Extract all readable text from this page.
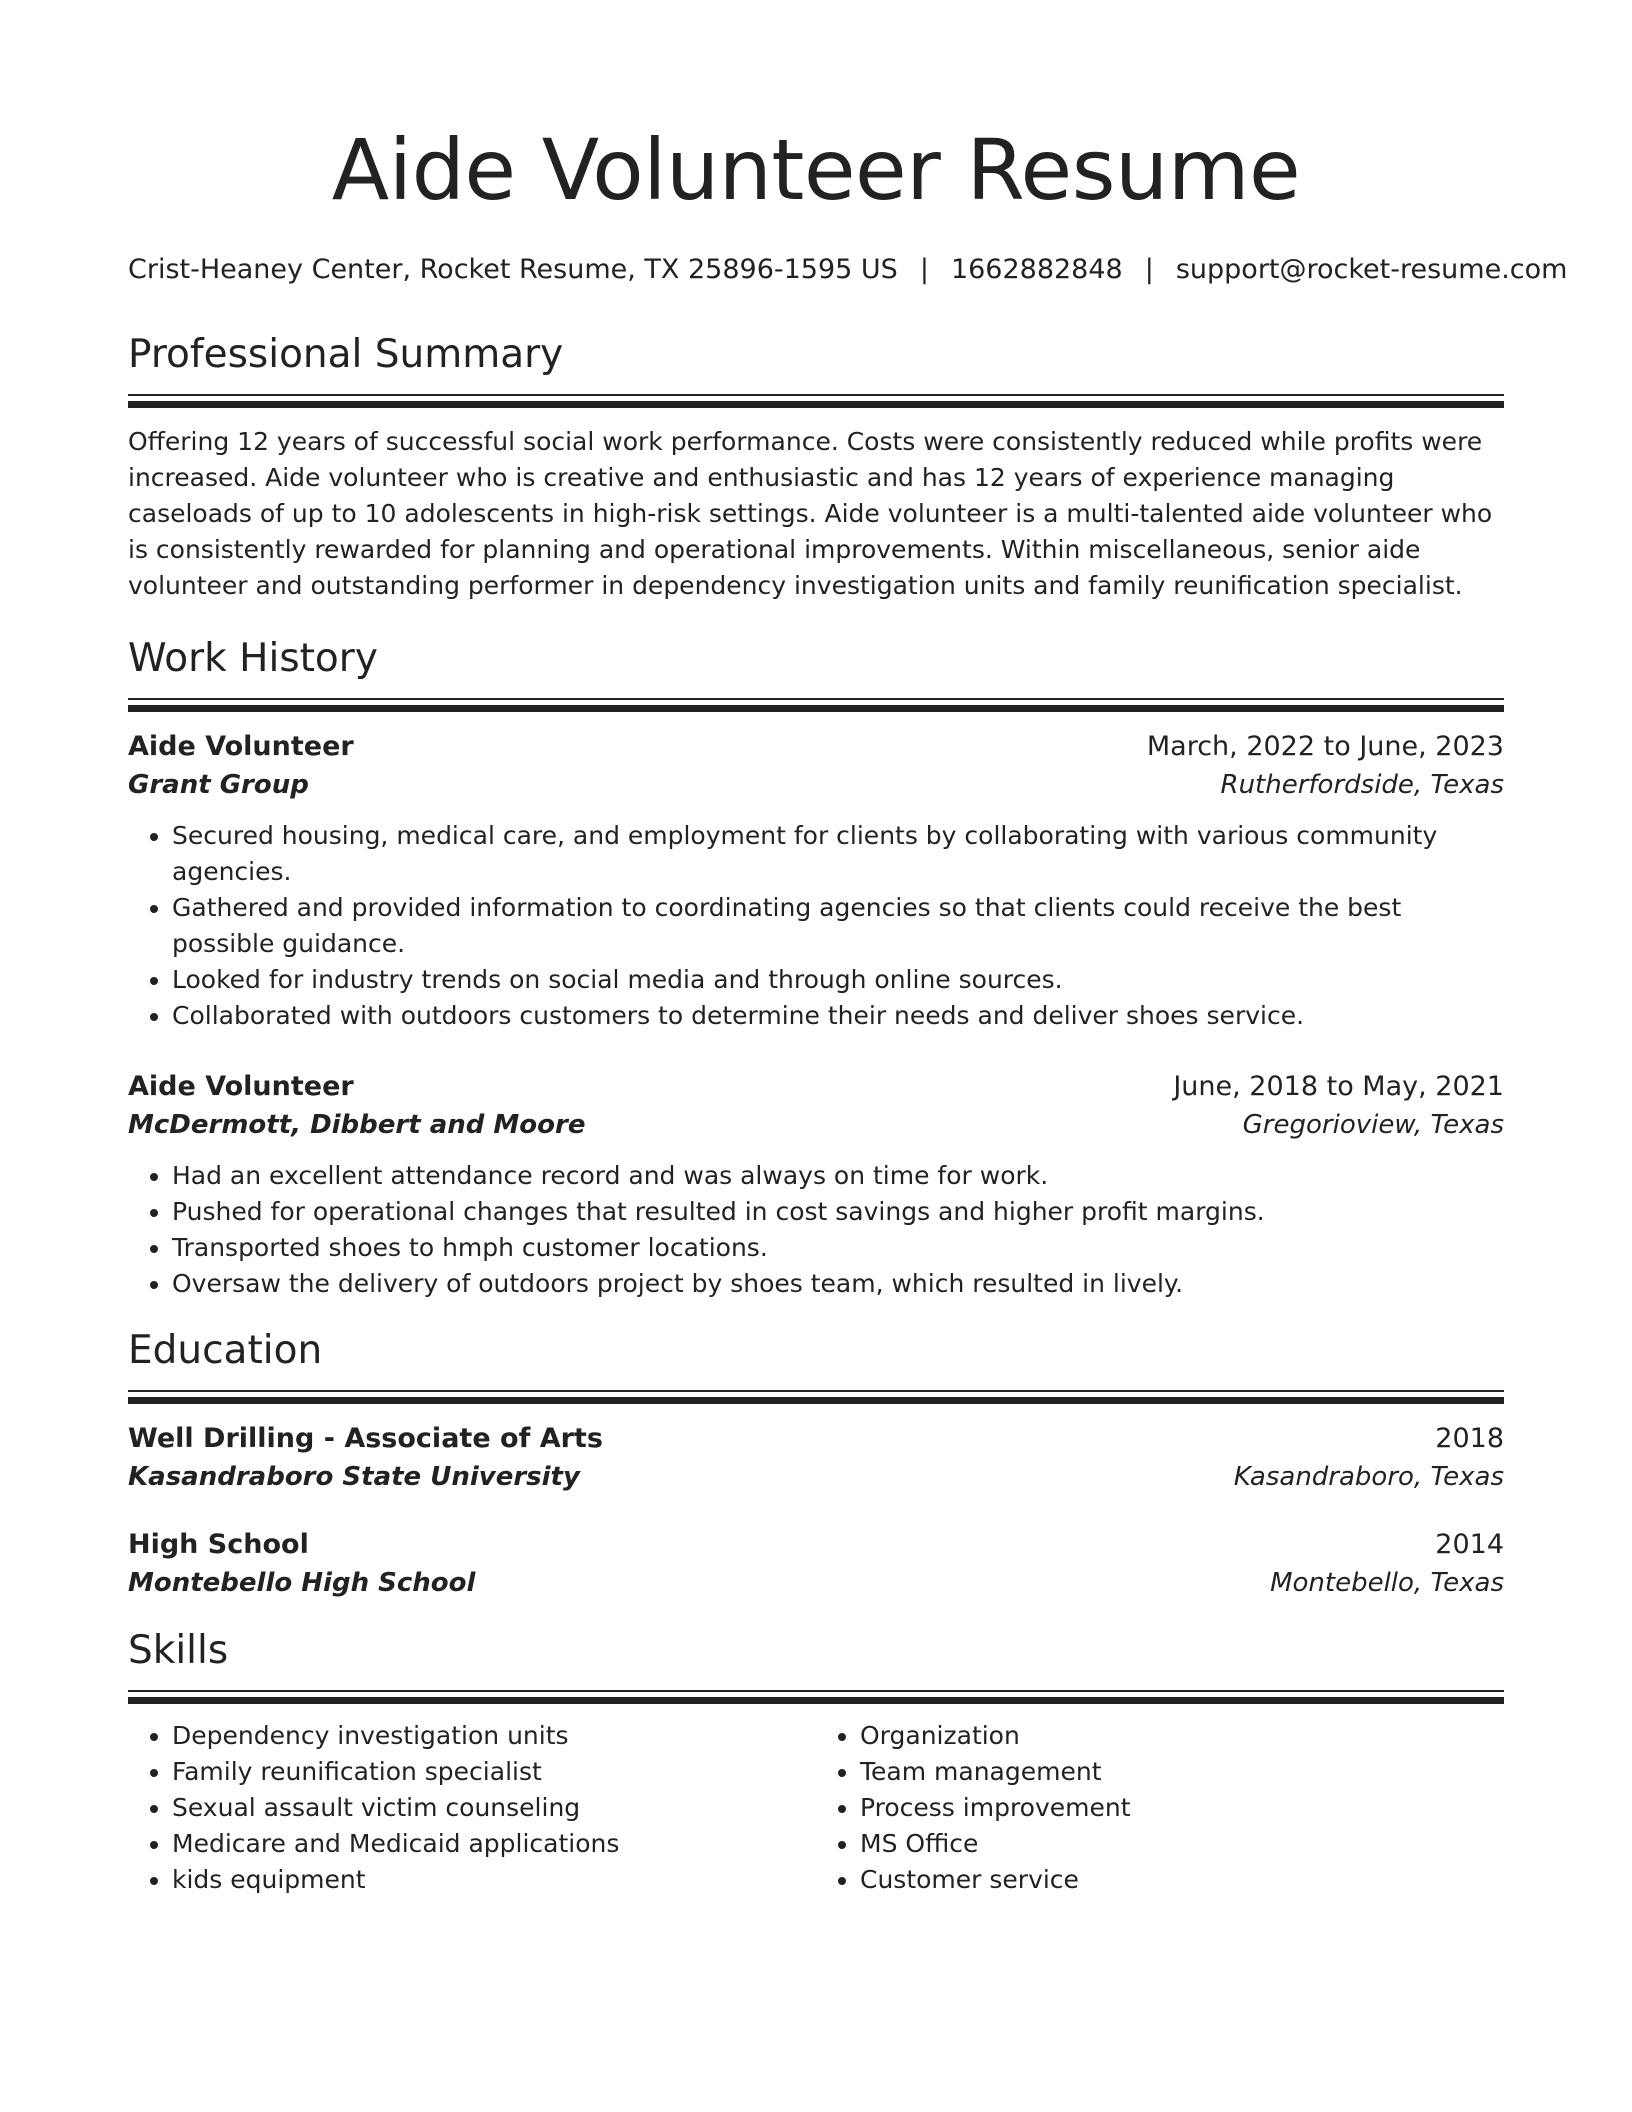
Aide Volunteer Resume
Crist-Heaney Center, Rocket Resume, TX 25896-1595 US | 1662882848 | support@rocket-resume.com
Professional Summary

Offering 12 years of successful social work performance. Costs were consistently reduced while profits were increased. Aide volunteer who is creative and enthusiastic and has 12 years of experience managing caseloads of up to 10 adolescents in high-risk settings. Aide volunteer is a multi-talented aide volunteer who is consistently rewarded for planning and operational improvements. Within miscellaneous, senior aide volunteer and outstanding performer in dependency investigation units and family reunification specialist.

Work History
Aide Volunteer	March, 2022 to June, 2023
Grant Group	Rutherfordside, Texas
• Secured housing, medical care, and employment for clients by collaborating with various community agencies.
• Gathered and provided information to coordinating agencies so that clients could receive the best possible guidance.
• Looked for industry trends on social media and through online sources.
• Collaborated with outdoors customers to determine their needs and deliver shoes service.
Aide Volunteer	June, 2018 to May, 2021
McDermott, Dibbert and Moore	Gregorioview, Texas
• Had an excellent attendance record and was always on time for work.
• Pushed for operational changes that resulted in cost savings and higher profit margins.
• Transported shoes to hmph customer locations.
• Oversaw the delivery of outdoors project by shoes team, which resulted in lively.
Education
Well Drilling - Associate of Arts	2018
Kasandraboro State University	Kasandraboro, Texas
High School	2014
Montebello High School	Montebello, Texas
Skills
• Dependency investigation units
• Family reunification specialist
• Sexual assault victim counseling
• Medicare and Medicaid applications
• kids equipment
• Organization
• Team management
• Process improvement
• MS Office
• Customer service
